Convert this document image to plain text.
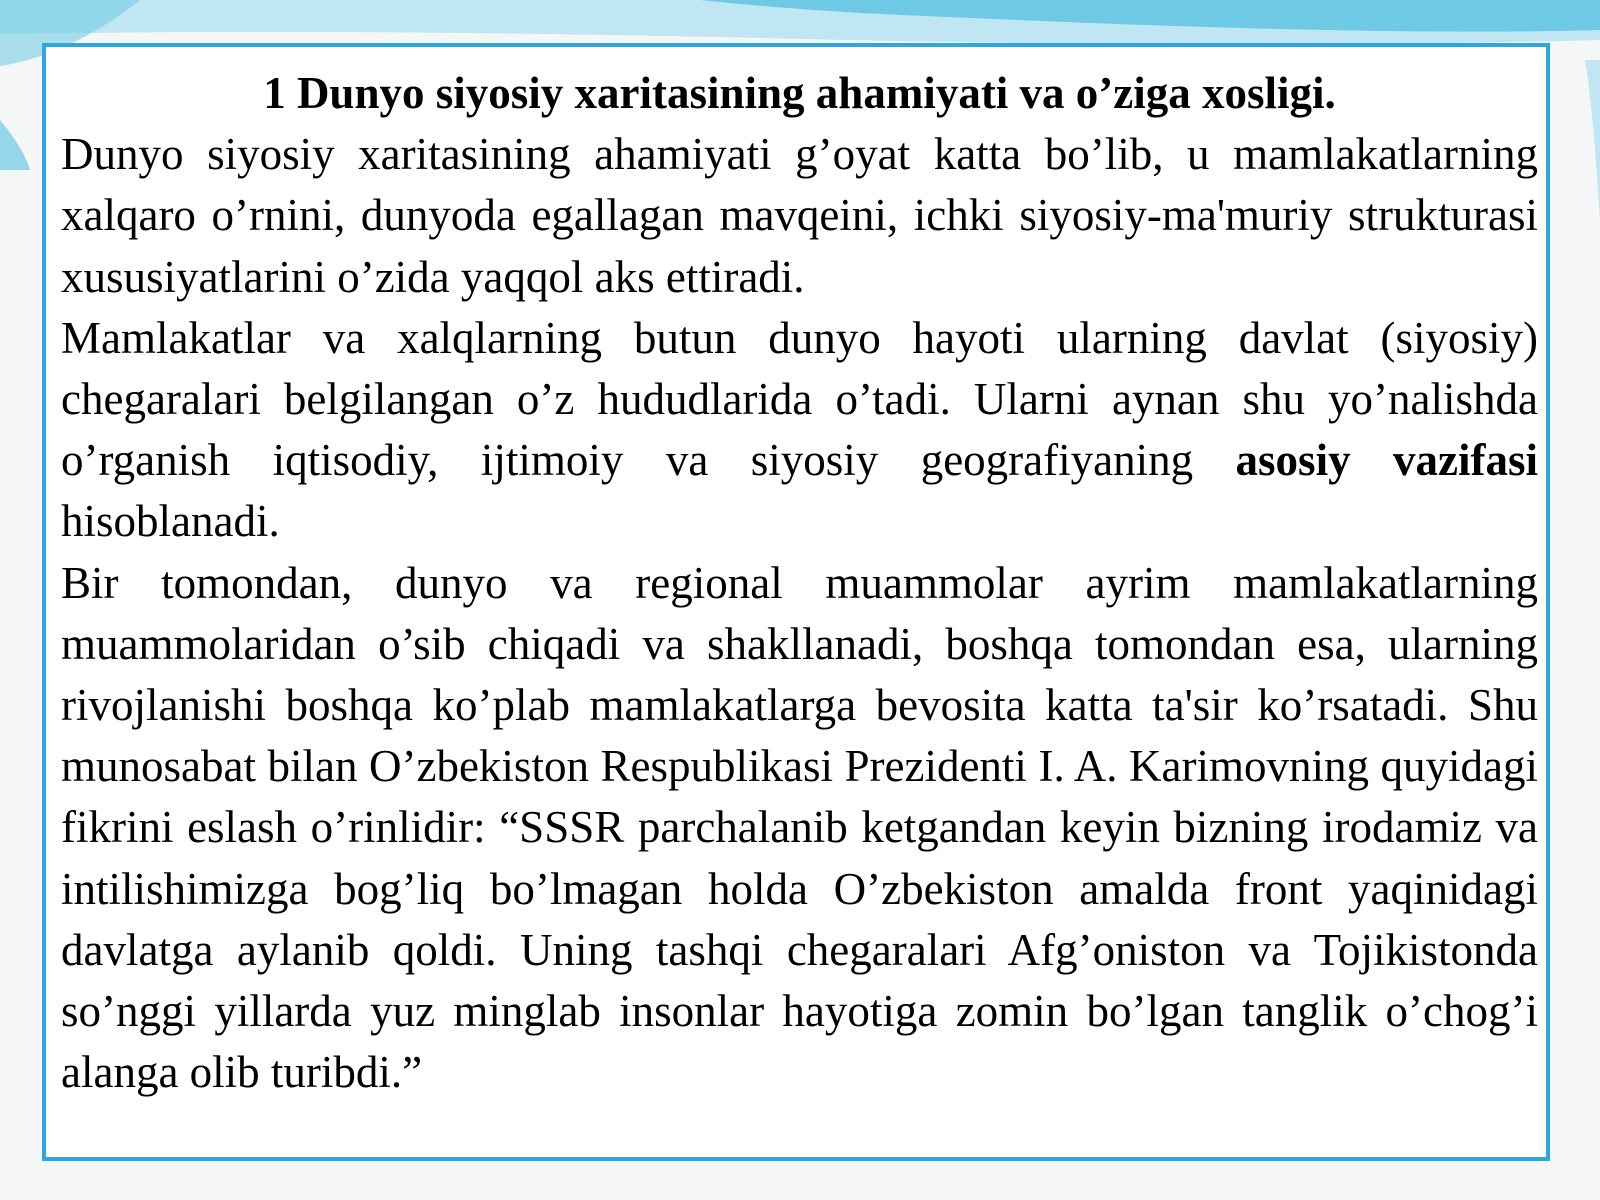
1 Dunyo siyosiy xaritasining ahamiyati va o’ziga xosligi.

Dunyo siyosiy xaritasining ahamiyati g’oyat katta bo’lib, u mamlakatlarning xalqaro o’rnini, dunyoda egallagan mavqeini, ichki siyosiy-ma'muriy strukturasi xususiyatlarini o’zida yaqqol aks ettiradi.

Mamlakatlar va xalqlarning butun dunyo hayoti ularning davlat (siyosiy) chegaralari belgilangan o’z hududlarida o’tadi. Ularni aynan shu yo’nalishda o’rganish iqtisodiy, ijtimoiy va siyosiy geografiyaning asosiy vazifasi hisoblanadi.

Bir tomondan, dunyo va regional muammolar ayrim mamlakatlarning muammolaridan o’sib chiqadi va shakllanadi, boshqa tomondan esa, ularning rivojlanishi boshqa ko’plab mamlakatlarga bevosita katta ta'sir ko’rsatadi. Shu munosabat bilan O’zbekiston Respublikasi Prezidenti I. A. Karimovning quyidagi fikrini eslash o’rinlidir: “SSSR parchalanib ketgandan keyin bizning irodamiz va intilishimizga bog’liq bo’lmagan holda O’zbekiston amalda front yaqinidagi davlatga aylanib qoldi. Uning tashqi chegaralari Afg’oniston va Tojikistonda so’nggi yillarda yuz minglab insonlar hayotiga zomin bo’lgan tanglik o’chog’i alanga olib turibdi.”
